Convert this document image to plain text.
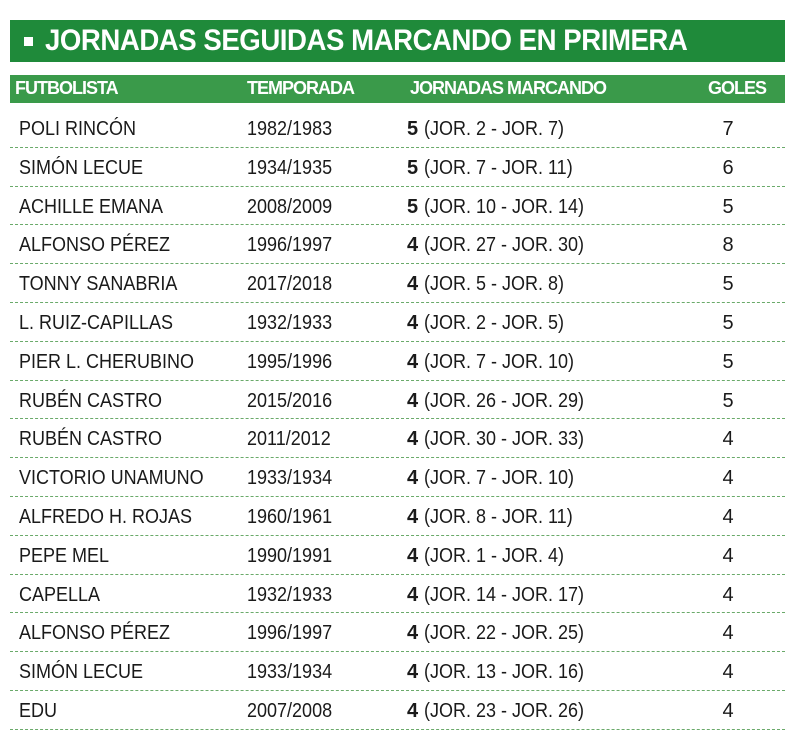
JORNADAS SEGUIDAS MARCANDO EN PRIMERA
FUTBOLISTA	TEMPORADA	JORNADAS MARCANDO	GOLES
POLI RINCÓN	1982/1983	5 (JOR. 2 - JOR. 7)	7
SIMÓN LECUE	1934/1935	5 (JOR. 7 - JOR. 11)	6
ACHILLE EMANA	2008/2009	5 (JOR. 10 - JOR. 14)	5
ALFONSO PÉREZ	1996/1997	4 (JOR. 27 - JOR. 30)	8
TONNY SANABRIA	2017/2018	4 (JOR. 5 - JOR. 8)	5
L. RUIZ-CAPILLAS	1932/1933	4 (JOR. 2 - JOR. 5)	5
PIER L. CHERUBINO	1995/1996	4 (JOR. 7 - JOR. 10)	5
RUBÉN CASTRO	2015/2016	4 (JOR. 26 - JOR. 29)	5
RUBÉN CASTRO	2011/2012	4 (JOR. 30 - JOR. 33)	4
VICTORIO UNAMUNO 1933/1934	4 (JOR. 7 - JOR. 10)	4
ALFREDO H. ROJAS	1960/1961	4 (JOR. 8 - JOR. 11)	4
PEPE MEL	1990/1991	4 (JOR. 1 - JOR. 4)	4
CAPELLA	1932/1933	4 (JOR. 14 - JOR. 17)	4
ALFONSO PÉREZ	1996/1997	4 (JOR. 22 - JOR. 25)	4
SIMÓN LECUE	1933/1934	4 (JOR. 13 - JOR. 16)	4
EDU	2007/2008	4 (JOR. 23 - JOR. 26)	4
